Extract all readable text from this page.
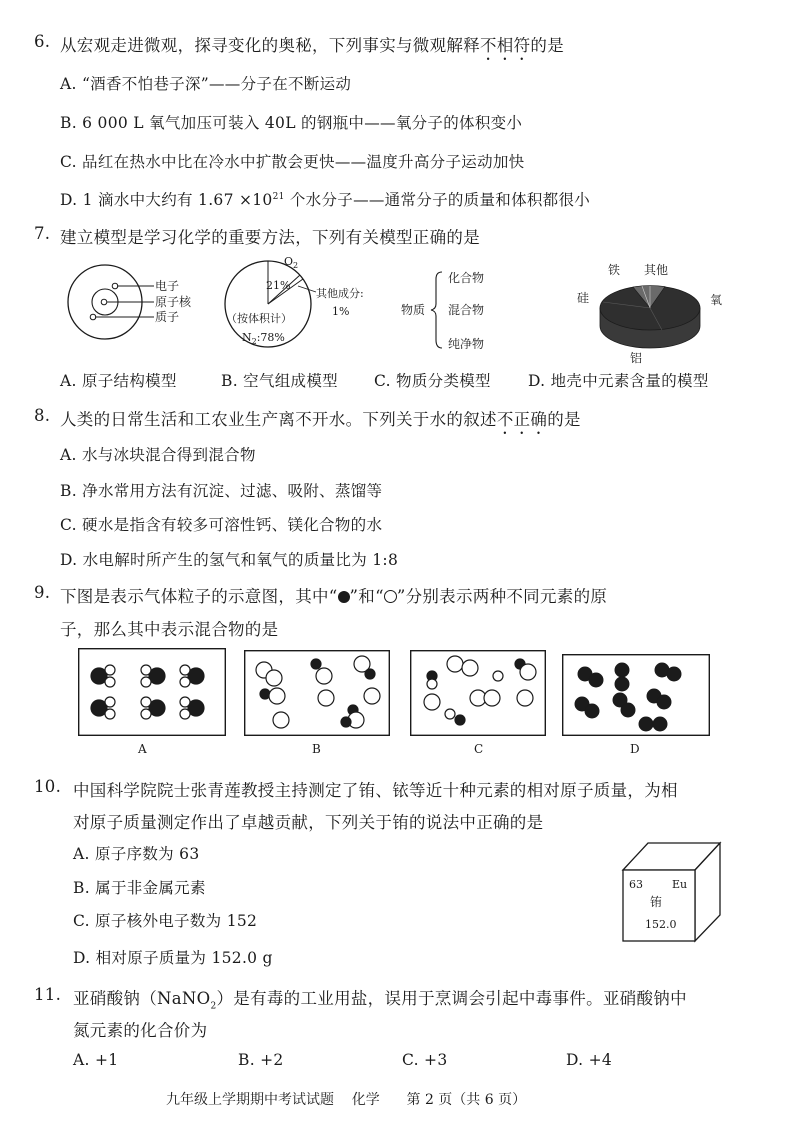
6. 从宏观走进微观，探寻变化的奥秘，下列事实与微观解释不相符的是
A. “酒香不怕巷子深”——分子在不断运动
B. 6 000 L 氧气加压可装入 40L 的钢瓶中——氧分子的体积变小
C. 品红在热水中比在冷水中扩散会更快——温度升高分子运动加快
D. 1 滴水中大约有 $1.67 \times 10^{21}$ 个水分子——通常分子的质量和体积都很小
7. 建立模型是学习化学的重要方法，下列有关模型正确的是
电子
原子核
质子
$O_2$
21%
其他成分:
1%
（按体积计）
$N_2:78\%$
物质
化合物
混合物
纯净物
铁 其他
硅	氧
铝
A. 原子结构模型	B. 空气组成模型 C. 物质分类模型 D. 地壳中元素含量的模型
8. 人类的日常生活和工农业生产离不开水。下列关于水的叙述不正确的是
A. 水与冰块混合得到混合物
B. 净水常用方法有沉淀、过滤、吸附、蒸馏等
C. 硬水是指含有较多可溶性钙、镁化合物的水
D. 水电解时所产生的氢气和氧气的质量比为 1:8
9. 下图是表示气体粒子的示意图，其中“ ”和“ ”分别表示两种不同元素的原
子，那么其中表示混合物的是
A	B	C	D
10. 中国科学院院士张青莲教授主持测定了铕、铱等近十种元素的相对原子质量，为相
对原子质量测定作出了卓越贡献，下列关于铕的说法中正确的是
A. 原子序数为 63
B. 属于非金属元素
C. 原子核外电子数为 152
D. 相对原子质量为 152.0 g
63	Eu
铕
152.0
11. 亚硝酸钠（NaNO$_2$）是有毒的工业用盐，误用于烹调会引起中毒事件。亚硝酸钠中
氮元素的化合价为
A. +1	B. +2	C. +3	D. +4
九年级上学期期中考试试题    化学      第 2 页（共 6 页）
